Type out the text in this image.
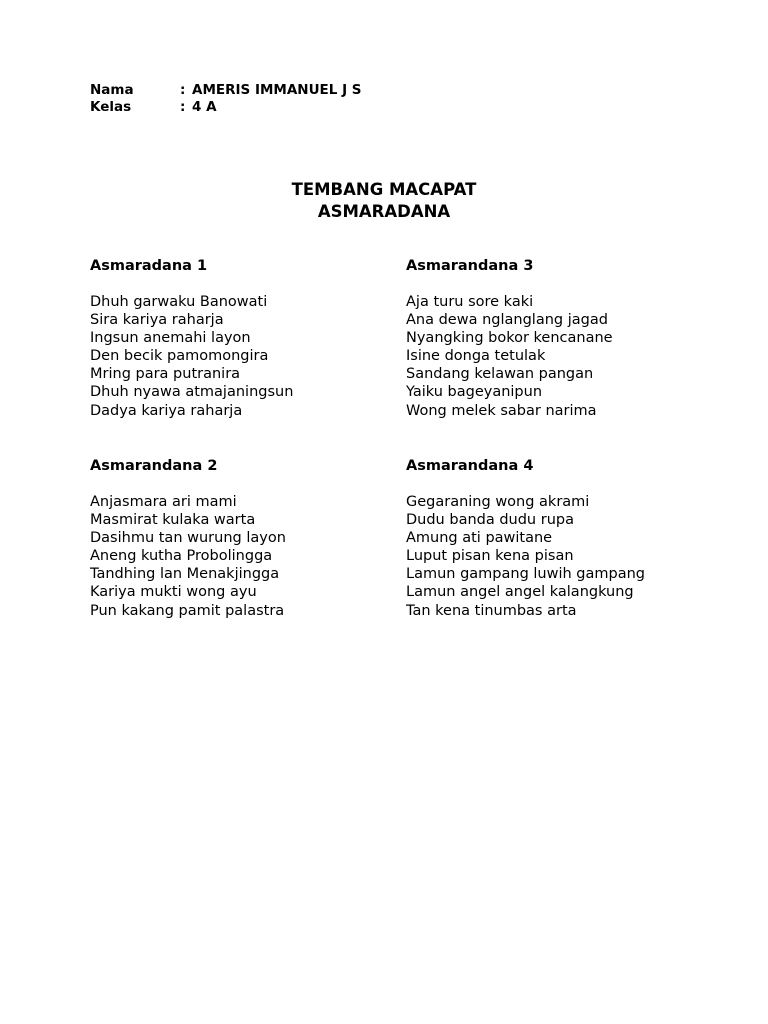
Nama	: AMERIS IMMANUEL J S
Kelas	: 4 A
TEMBANG MACAPAT
ASMARADANA
Asmaradana 1
Dhuh garwaku Banowati
Sira kariya raharja
Ingsun anemahi layon
Den becik pamomongira
Mring para putranira
Dhuh nyawa atmajaningsun
Dadya kariya raharja
Asmarandana 3
Aja turu sore kaki
Ana dewa nglanglang jagad
Nyangking bokor kencanane
Isine donga tetulak
Sandang kelawan pangan
Yaiku bageyanipun
Wong melek sabar narima
Asmarandana 2
Anjasmara ari mami
Masmirat kulaka warta
Dasihmu tan wurung layon
Aneng kutha Probolingga
Tandhing lan Menakjingga
Kariya mukti wong ayu
Pun kakang pamit palastra
Asmarandana 4
Gegaraning wong akrami
Dudu banda dudu rupa
Amung ati pawitane
Luput pisan kena pisan
Lamun gampang luwih gampang
Lamun angel angel kalangkung
Tan kena tinumbas arta
